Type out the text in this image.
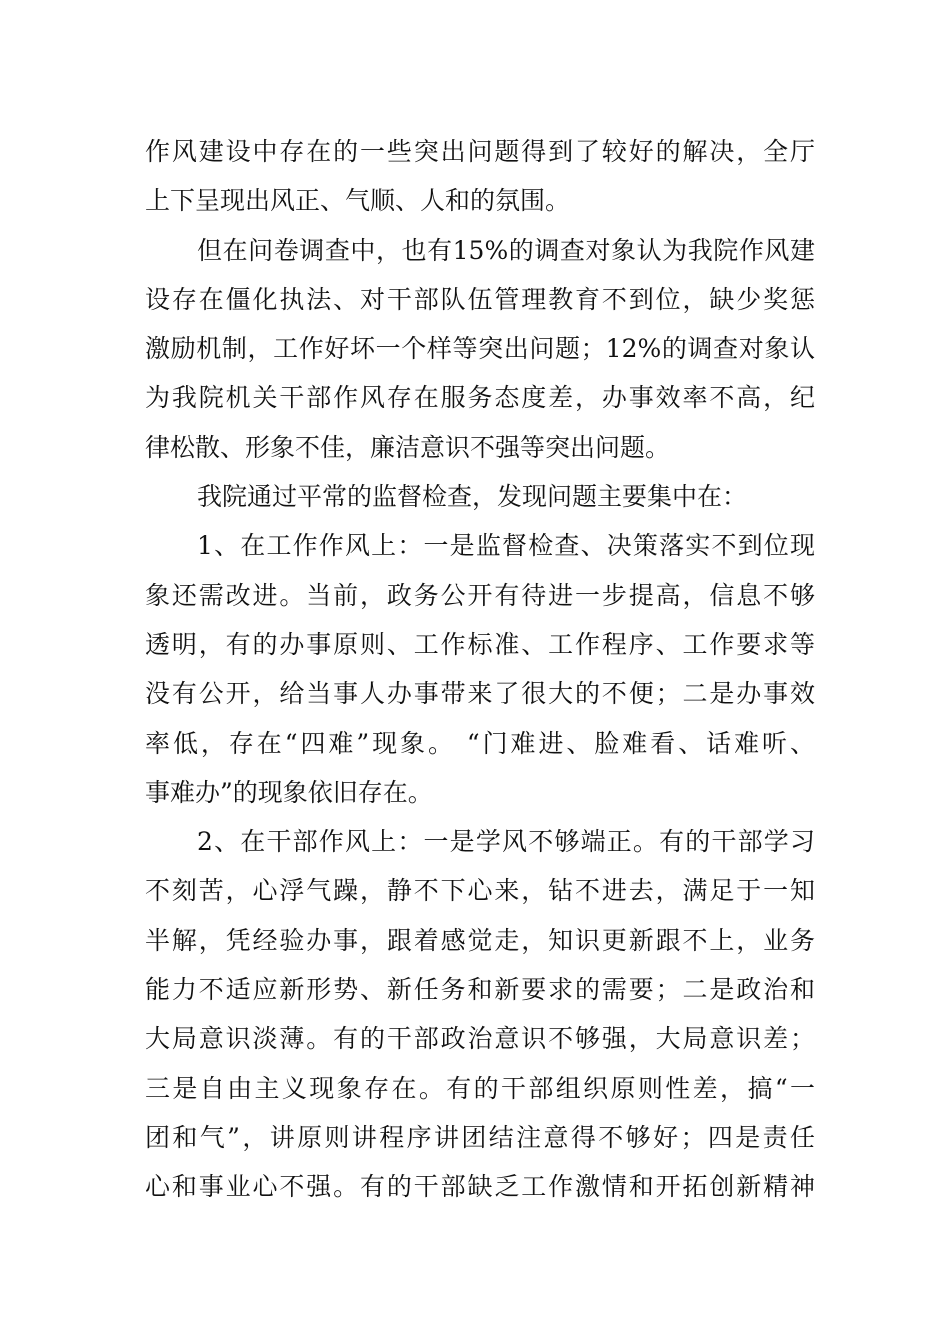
作风建设中存在的一些突出问题得到了较好的解决，全厅
上下呈现出风正、气顺、人和的氛围。
但在问卷调查中，也有15%的调查对象认为我院作风建
设存在僵化执法、对干部队伍管理教育不到位，缺少奖惩
激励机制，工作好坏一个样等突出问题；12%的调查对象认
为我院机关干部作风存在服务态度差，办事效率不高，纪
律松散、形象不佳，廉洁意识不强等突出问题。
我院通过平常的监督检查，发现问题主要集中在：
1、在工作作风上：一是监督检查、决策落实不到位现
象还需改进。当前，政务公开有待进一步提高，信息不够
透明，有的办事原则、工作标准、工作程序、工作要求等
没有公开，给当事人办事带来了很大的不便；二是办事效
率低，存在“四难”现象。 “门难进、脸难看、话难听、
事难办”的现象依旧存在。
2、在干部作风上：一是学风不够端正。有的干部学习
不刻苦，心浮气躁，静不下心来，钻不进去，满足于一知
半解，凭经验办事，跟着感觉走，知识更新跟不上，业务
能力不适应新形势、新任务和新要求的需要；二是政治和
大局意识淡薄。有的干部政治意识不够强，大局意识差；
三是自由主义现象存在。有的干部组织原则性差，搞“一
团和气”，讲原则讲程序讲团结注意得不够好；四是责任
心和事业心不强。有的干部缺乏工作激情和开拓创新精神
